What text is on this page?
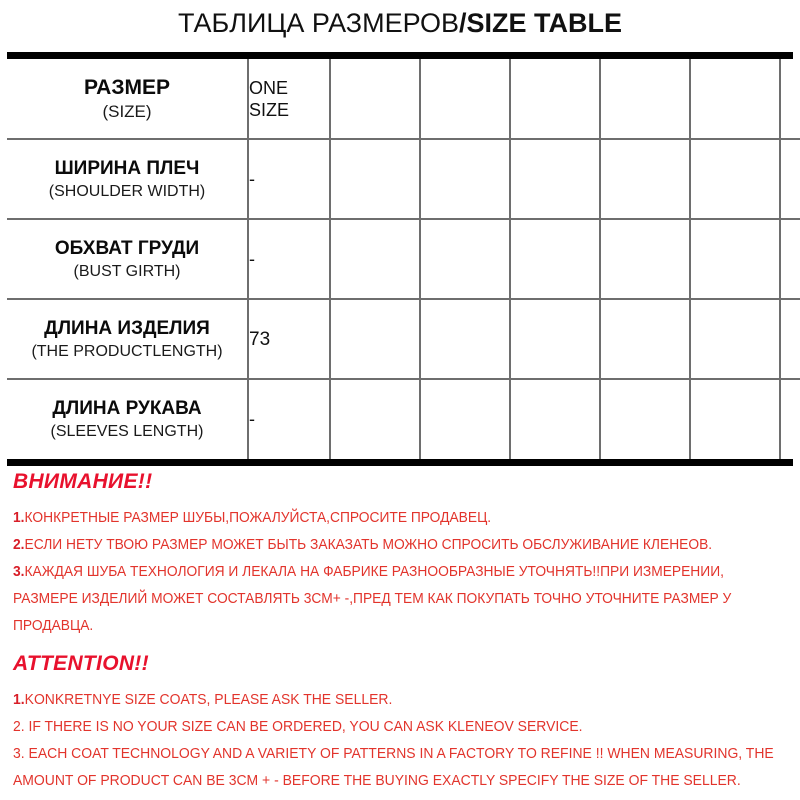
ТАБЛИЦА РАЗМЕРОВ/SIZE TABLE
РАЗМЕР
(SIZE)	ONE
SIZE						

ШИРИНА ПЛЕЧ
(SHOULDER WIDTH)	-						

ОБХВАТ ГРУДИ
(BUST GIRTH)	-						

ДЛИНА ИЗДЕЛИЯ
(THE PRODUCTLENGTH)	73						

ДЛИНА РУКАВА
(SLEEVES LENGTH)	-						
ВНИМАНИЕ!!
1.КОНКРЕТНЫЕ РАЗМЕР ШУБЫ,ПОЖАЛУЙСТА,СПРОСИТЕ ПРОДАВЕЦ.
2.ЕСЛИ НЕТУ ТВОЮ РАЗМЕР МОЖЕТ БЫТЬ ЗАКАЗАТЬ МОЖНО СПРОСИТЬ ОБСЛУЖИВАНИЕ КЛЕНЕОВ.
3.КАЖДАЯ ШУБА ТЕХНОЛОГИЯ И ЛЕКАЛА НА ФАБРИКЕ РАЗНООБРАЗНЫЕ УТОЧНЯТЬ!!ПРИ ИЗМЕРЕНИИ,
РАЗМЕРЕ ИЗДЕЛИЙ МОЖЕТ СОСТАВЛЯТЬ 3СМ+ -,ПРЕД ТЕМ КАК ПОКУПАТЬ ТОЧНО УТОЧНИТЕ РАЗМЕР У
ПРОДАВЦА.
ATTENTION!!
1.KONKRETNYE SIZE COATS, PLEASE ASK THE SELLER.
2. IF THERE IS NO YOUR SIZE CAN BE ORDERED, YOU CAN ASK KLENEOV SERVICE.
3. EACH COAT TECHNOLOGY AND A VARIETY OF PATTERNS IN A FACTORY TO REFINE !! WHEN MEASURING, THE
AMOUNT OF PRODUCT CAN BE 3CM + - BEFORE THE BUYING EXACTLY SPECIFY THE SIZE OF THE SELLER.
